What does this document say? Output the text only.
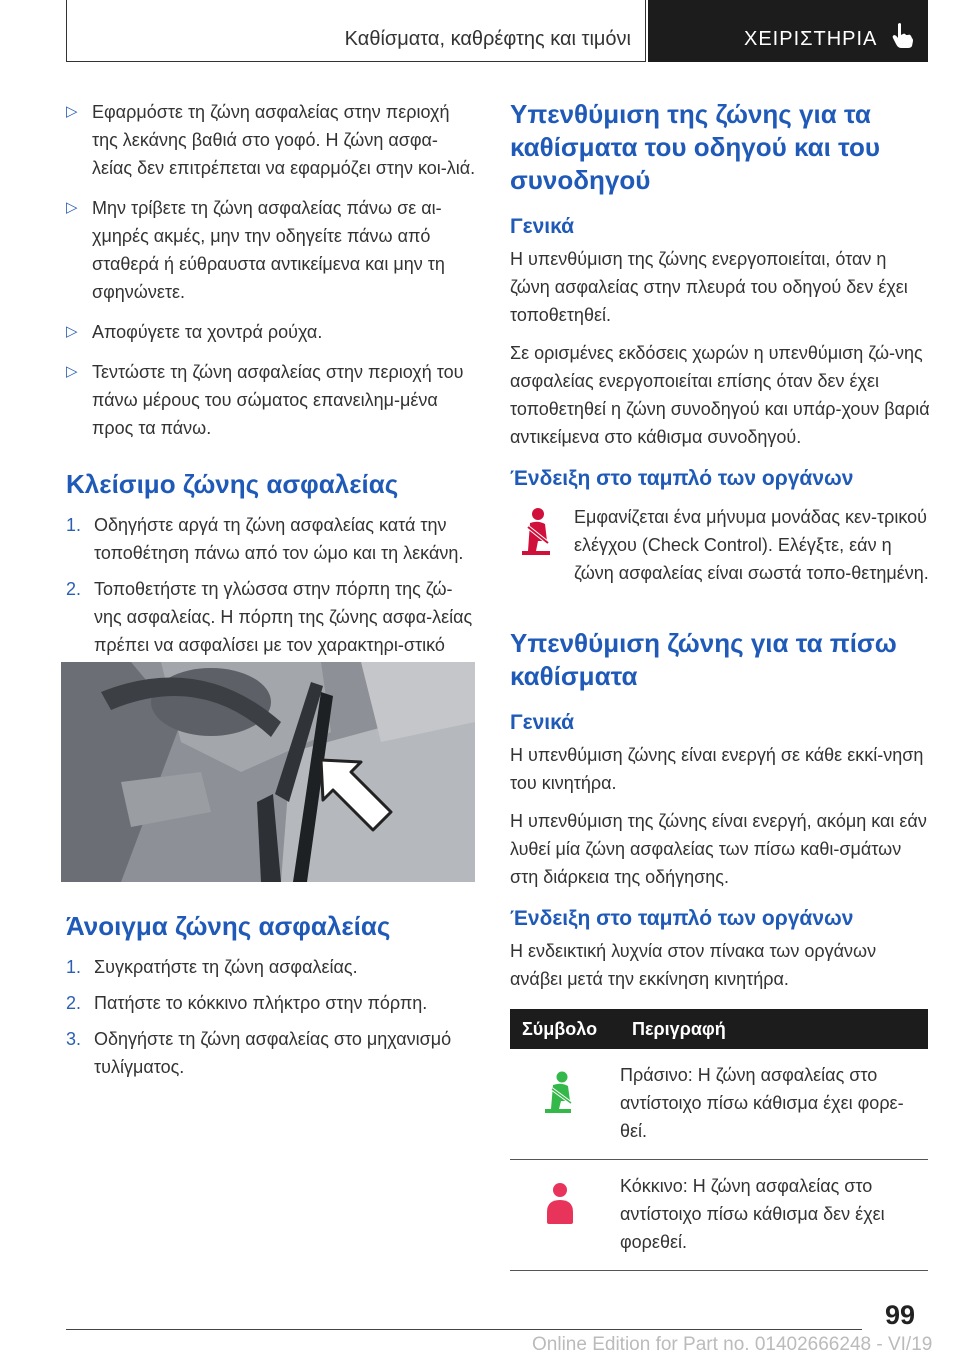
Καθίσματα, καθρέφτης και τιμόνι	ΧΕΙΡΙΣΤΗΡΙΑ
▷ Εφαρμόστε τη ζώνη ασφαλείας στην περιοχή της λεκάνης βαθιά στο γοφό. Η ζώνη ασφα-λείας δεν επιτρέπεται να εφαρμόζει στην κοι-λιά.
▷ Μην τρίβετε τη ζώνη ασφαλείας πάνω σε αι-χμηρές ακμές, μην την οδηγείτε πάνω από σταθερά ή εύθραυστα αντικείμενα και μην τη σφηνώνετε.
▷ Αποφύγετε τα χοντρά ρούχα.
▷ Τεντώστε τη ζώνη ασφαλείας στην περιοχή του πάνω μέρους του σώματος επανειλημ-μένα προς τα πάνω.
Κλείσιμο ζώνης ασφαλείας
1. Οδηγήστε αργά τη ζώνη ασφαλείας κατά την τοποθέτηση πάνω από τον ώμο και τη λεκάνη.
2. Τοποθετήστε τη γλώσσα στην πόρπη της ζώ-νης ασφαλείας. Η πόρπη της ζώνης ασφα-λείας πρέπει να ασφαλίσει με τον χαρακτηρι-στικό
Άνοιγμα ζώνης ασφαλείας
1. Συγκρατήστε τη ζώνη ασφαλείας.
2. Πατήστε το κόκκινο πλήκτρο στην πόρπη.
3. Οδηγήστε τη ζώνη ασφαλείας στο μηχανισμό τυλίγματος.
Υπενθύμιση της ζώνης για τα καθίσματα του οδηγού και του συνοδηγού
Γενικά

Η υπενθύμιση της ζώνης ενεργοποιείται, όταν η ζώνη ασφαλείας στην πλευρά του οδηγού δεν έχει τοποθετηθεί.

Σε ορισμένες εκδόσεις χωρών η υπενθύμιση ζώ-νης ασφαλείας ενεργοποιείται επίσης όταν δεν έχει τοποθετηθεί η ζώνη συνοδηγού και υπάρ-χουν βαριά αντικείμενα στο κάθισμα συνοδηγού.

Ένδειξη στο ταμπλό των οργάνων
Εμφανίζεται ένα μήνυμα μονάδας κεν-τρικού ελέγχου (Check Control). Ελέγξτε, εάν η ζώνη ασφαλείας είναι σωστά τοπο-θετημένη.
Υπενθύμιση ζώνης για τα πίσω καθίσματα
Γενικά

Η υπενθύμιση ζώνης είναι ενεργή σε κάθε εκκί-νηση του κινητήρα.

Η υπενθύμιση της ζώνης είναι ενεργή, ακόμη και εάν λυθεί μία ζώνη ασφαλείας των πίσω καθι-σμάτων στη διάρκεια της οδήγησης.

Ένδειξη στο ταμπλό των οργάνων

Η ενδεικτική λυχνία στον πίνακα των οργάνων ανάβει μετά την εκκίνηση κινητήρα.

Σύμβολο	Περιγραφή
	Πράσινο: Η ζώνη ασφαλείας στο αντίστοιχο πίσω κάθισμα έχει φορε-θεί.
	Κόκκινο: Η ζώνη ασφαλείας στο αντίστοιχο πίσω κάθισμα δεν έχει φορεθεί.
99
Online Edition for Part no. 01402666248 - VI/19
